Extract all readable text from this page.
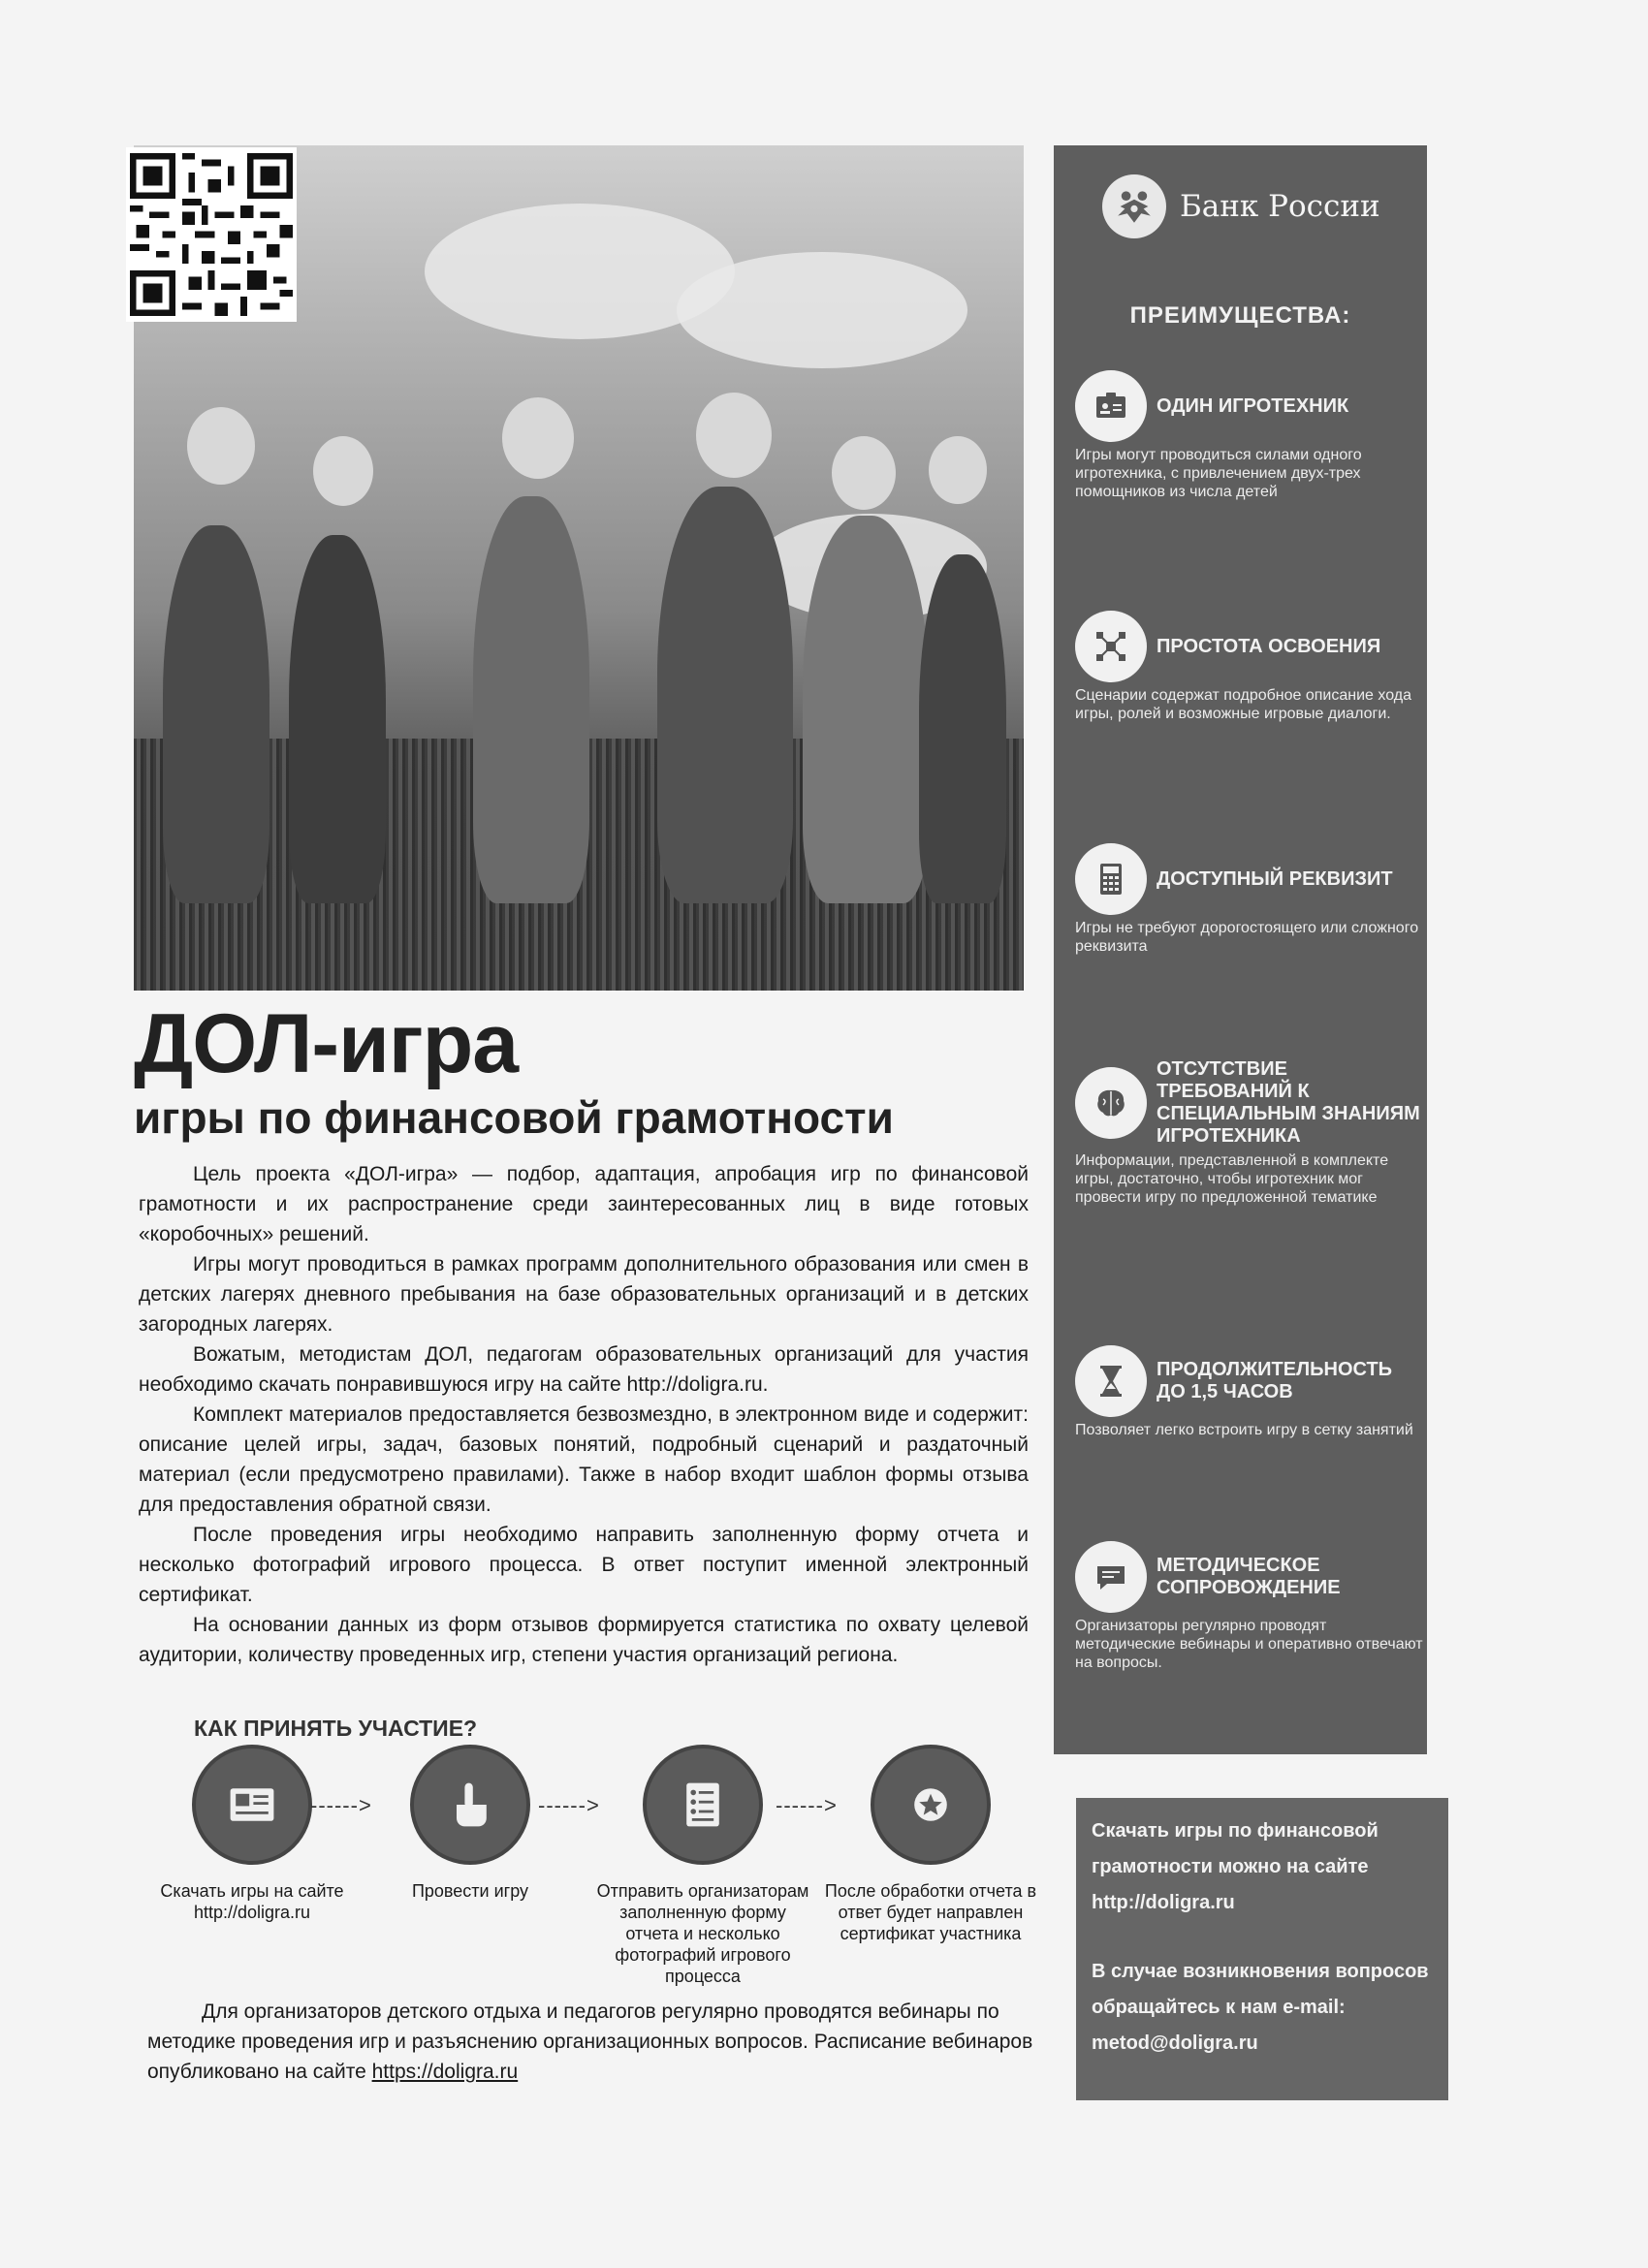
ДОЛ-игра
игры по финансовой грамотности

Цель проекта «ДОЛ-игра» — подбор, адаптация, апробация игр по финансовой грамотности и их распространение среди заинтересованных лиц в виде готовых «коробочных» решений.

Игры могут проводиться в рамках программ дополнительного образования или смен в детских лагерях дневного пребывания на базе образовательных организаций и в детских загородных лагерях.

Вожатым, методистам ДОЛ, педагогам образовательных организаций для участия необходимо скачать понравившуюся игру на сайте http://doligra.ru.

Комплект материалов предоставляется безвозмездно, в электронном виде и содержит: описание целей игры, задач, базовых понятий, подробный сценарий и раздаточный материал (если предусмотрено правилами). Также в набор входит шаблон формы отзыва для предоставления обратной связи.

После проведения игры необходимо направить заполненную форму отчета и несколько фотографий игрового процесса. В ответ поступит именной электронный сертификат.

На основании данных из форм отзывов формируется статистика по охвату целевой аудитории, количеству проведенных игр, степени участия организаций региона.

КАК ПРИНЯТЬ УЧАСТИЕ?
Скачать игры на сайте http://doligra.ru
------>
Провести игру
------>
Отправить организаторам заполненную форму отчета и несколько фотографий игрового процесса
------>
После обработки отчета в ответ будет направлен сертификат участника

Для организаторов детского отдыха и педагогов регулярно проводятся вебинары по методике проведения игр и разъяснению организационных вопросов. Расписание вебинаров опубликовано на сайте https://doligra.ru

Банк России
ПРЕИМУЩЕСТВА:
ОДИН ИГРОТЕХНИК
Игры могут проводиться силами одного игротехника, с привлечением двух-трех помощников из числа детей
ПРОСТОТА ОСВОЕНИЯ
Сценарии содержат подробное описание хода игры, ролей и возможные игровые диалоги.
ДОСТУПНЫЙ РЕКВИЗИТ
Игры не требуют дорогостоящего или сложного реквизита
ОТСУТСТВИЕ ТРЕБОВАНИЙ К СПЕЦИАЛЬНЫМ ЗНАНИЯМ ИГРОТЕХНИКА
Информации, представленной в комплекте игры, достаточно, чтобы игротехник мог провести игру по предложенной тематике
ПРОДОЛЖИТЕЛЬНОСТЬ ДО 1,5 ЧАСОВ
Позволяет легко встроить игру в сетку занятий
МЕТОДИЧЕСКОЕ СОПРОВОЖДЕНИЕ
Организаторы регулярно проводят методические вебинары и оперативно отвечают на вопросы.

Скачать игры по финансовой грамотности можно на сайте http://doligra.ru

В случае возникновения вопросов обращайтесь к нам e-mail: metod@doligra.ru
